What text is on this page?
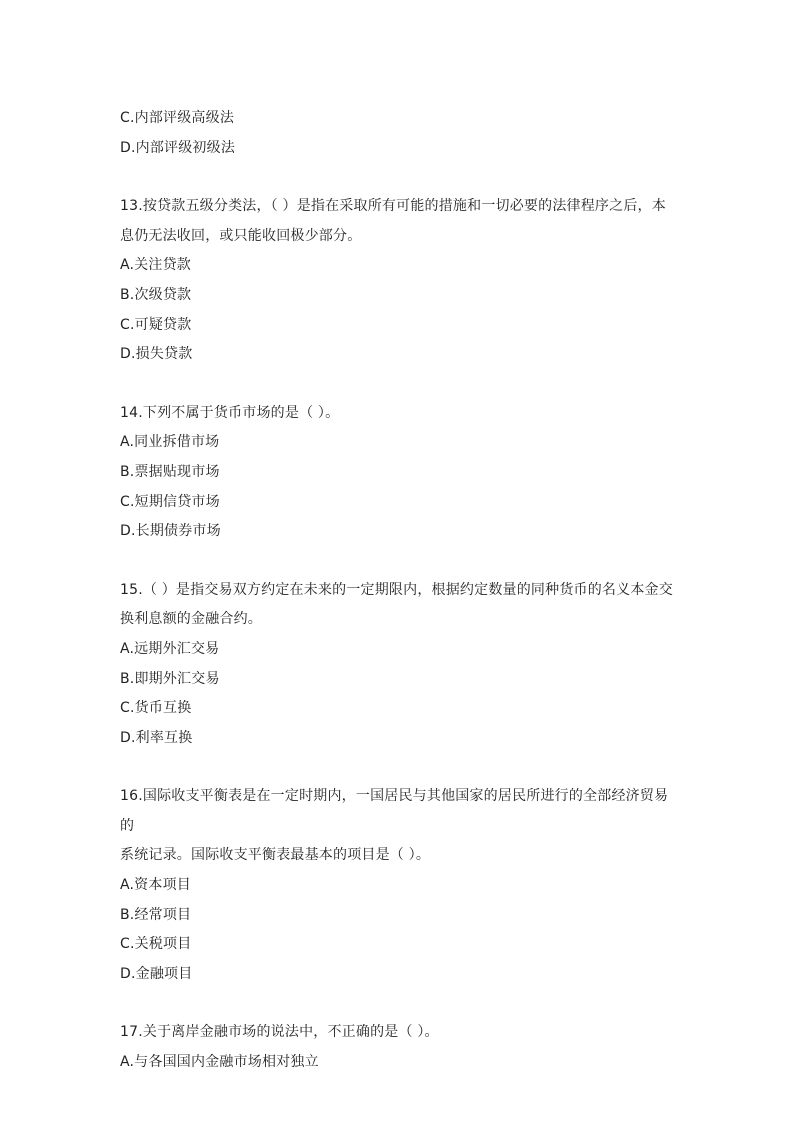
C.内部评级高级法
D.内部评级初级法
13.按贷款五级分类法，（ ）是指在采取所有可能的措施和一切必要的法律程序之后，本
息仍无法收回，或只能收回极少部分。
A.关注贷款
B.次级贷款
C.可疑贷款
D.损失贷款
14.下列不属于货币市场的是（ ）。
A.同业拆借市场
B.票据贴现市场
C.短期信贷市场
D.长期债券市场
15.（ ）是指交易双方约定在未来的一定期限内，根据约定数量的同种货币的名义本金交
换利息额的金融合约。
A.远期外汇交易
B.即期外汇交易
C.货币互换
D.利率互换
16.国际收支平衡表是在一定时期内，一国居民与其他国家的居民所进行的全部经济贸易的
系统记录。国际收支平衡表最基本的项目是（ ）。
A.资本项目
B.经常项目
C.关税项目
D.金融项目
17.关于离岸金融市场的说法中，不正确的是（ ）。
A.与各国国内金融市场相对独立
